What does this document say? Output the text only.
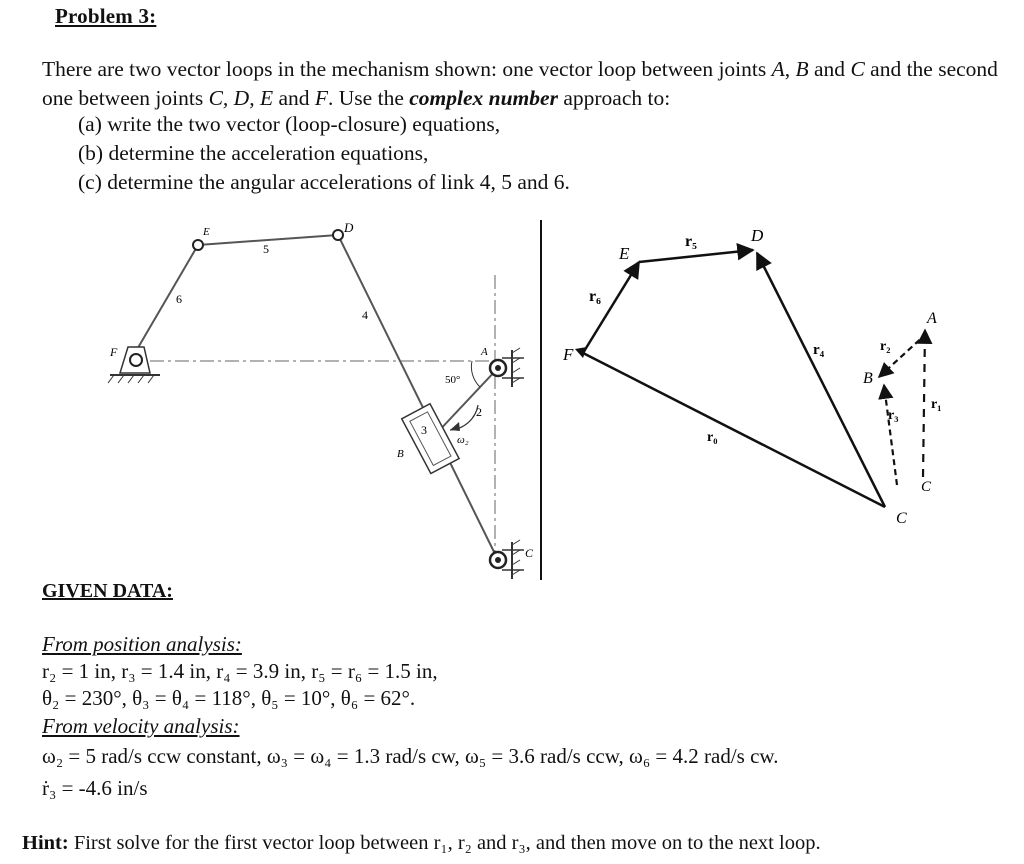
Problem 3:
There are two vector loops in the mechanism shown: one vector loop between joints A, B and C and the second one between joints C, D, E and F. Use the complex number approach to:
(a) write the two vector (loop-closure) equations,
(b) determine the acceleration equations,
(c) determine the angular accelerations of link 4, 5 and 6.
E	D
F	A
B
C
5
6
4
3
2
50°
ω₂
F
E
D
A
B
C
C
r₆
r₅
r₄	r₂
r₃
r₁
r₀
GIVEN DATA:
From position analysis:
r₂ = 1 in, r₃ = 1.4 in, r₄ = 3.9 in, r₅ = r₆ = 1.5 in,
θ₂ = 230°, θ₃ = θ₄ = 118°, θ₅ = 10°, θ₆ = 62°.
From velocity analysis:
ω₂ = 5 rad/s ccw constant, ω₃ = ω₄ = 1.3 rad/s cw, ω₅ = 3.6 rad/s ccw, ω₆ = 4.2 rad/s cw.
ṙ₃ = -4.6 in/s
Hint: First solve for the first vector loop between r₁, r₂ and r₃, and then move on to the next loop.
